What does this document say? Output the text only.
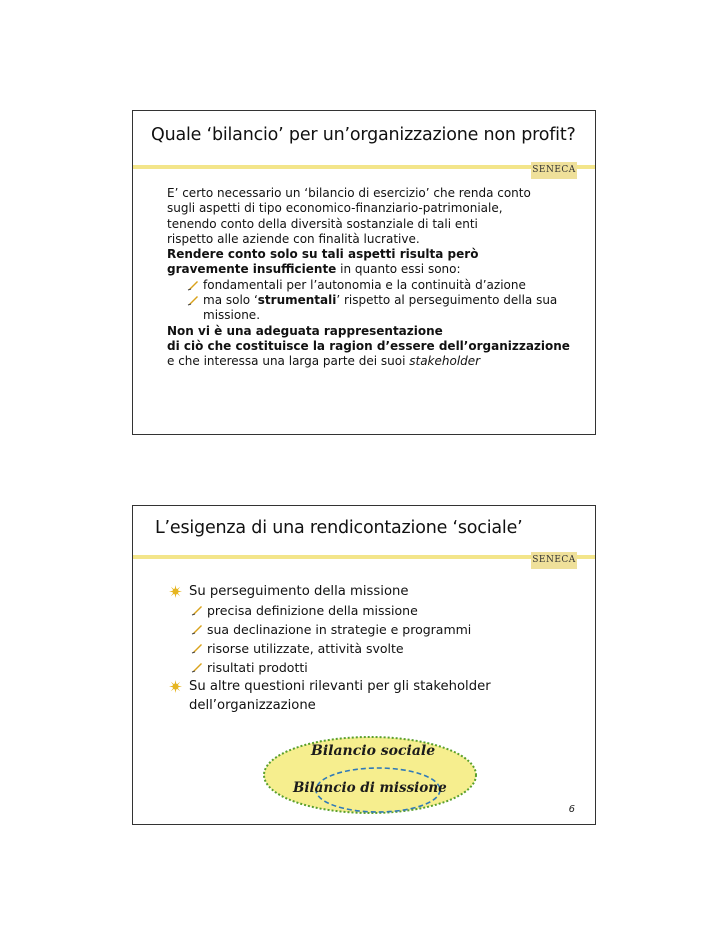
Quale ‘bilancio’ per un’organizzazione non profit?
SENECA
E’ certo necessario un ‘bilancio di esercizio’ che renda conto
sugli aspetti di tipo economico-finanziario-patrimoniale,
tenendo conto della diversità sostanziale di tali enti
rispetto alle aziende con finalità lucrative.
Rendere conto solo su tali aspetti risulta però
gravemente insufficiente in quanto essi sono:
fondamentali per l’autonomia e la continuità d’azione
ma solo ‘strumentali’ rispetto al perseguimento della sua
missione.
Non vi è una adeguata rappresentazione
di ciò che costituisce la ragion d’essere dell’organizzazione
e che interessa una larga parte dei suoi stakeholder
L’esigenza di una rendicontazione ‘sociale’
SENECA
Su perseguimento della missione
precisa definizione della missione
sua declinazione in strategie e programmi
risorse utilizzate, attività svolte
risultati prodotti
Su altre questioni rilevanti per gli stakeholder
dell’organizzazione
Bilancio sociale
Bilancio di missione
6
